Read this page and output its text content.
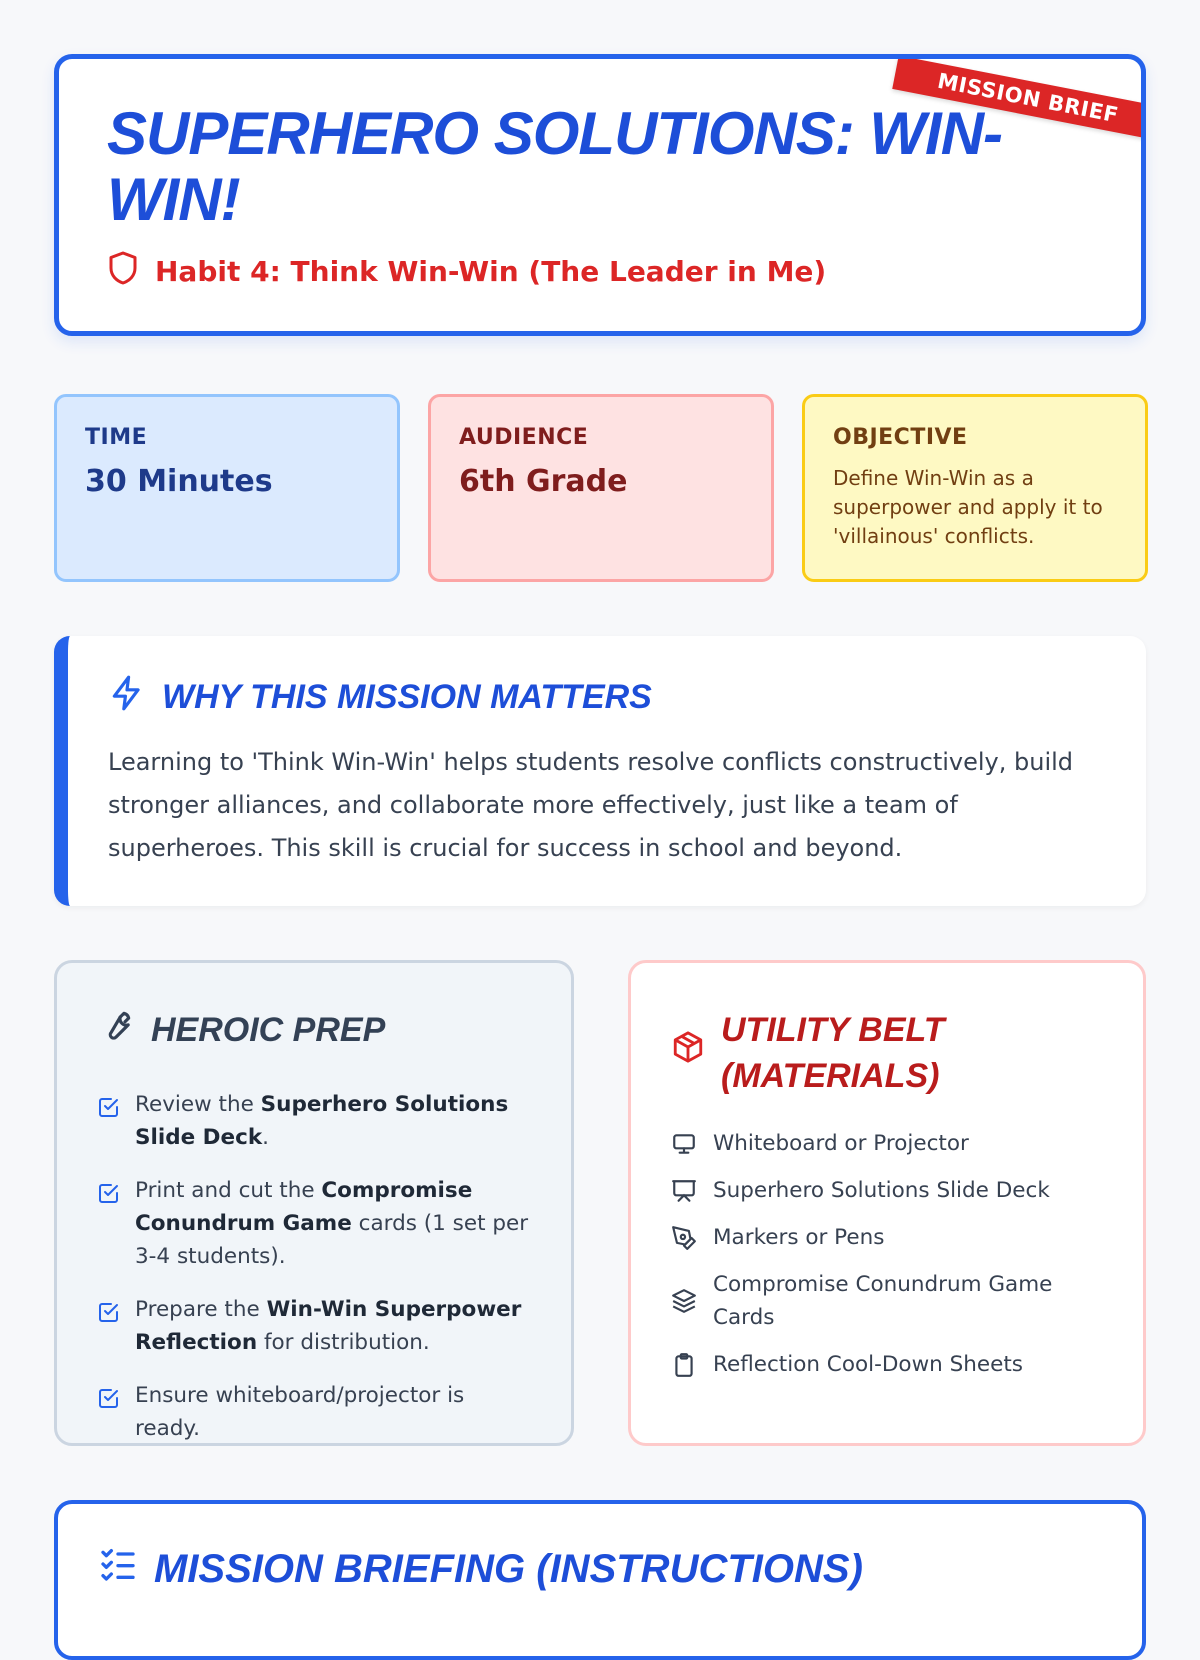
MISSION BRIEF
SUPERHERO SOLUTIONS: WIN-WIN!
Habit 4: Think Win-Win (The Leader in Me)
TIME
30 Minutes
AUDIENCE
6th Grade
OBJECTIVE
Define Win-Win as a superpower and apply it to 'villainous' conflicts.
WHY THIS MISSION MATTERS
Learning to 'Think Win-Win' helps students resolve conflicts constructively, build stronger alliances, and collaborate more effectively, just like a team of superheroes. This skill is crucial for success in school and beyond.
HEROIC PREP
Review the Superhero Solutions Slide Deck.
Print and cut the Compromise Conundrum Game cards (1 set per 3-4 students).
Prepare the Win-Win Superpower Reflection for distribution.
Ensure whiteboard/projector is ready.
UTILITY BELT (MATERIALS)
Whiteboard or Projector
Superhero Solutions Slide Deck
Markers or Pens
Compromise Conundrum Game Cards
Reflection Cool-Down Sheets
MISSION BRIEFING (INSTRUCTIONS)
